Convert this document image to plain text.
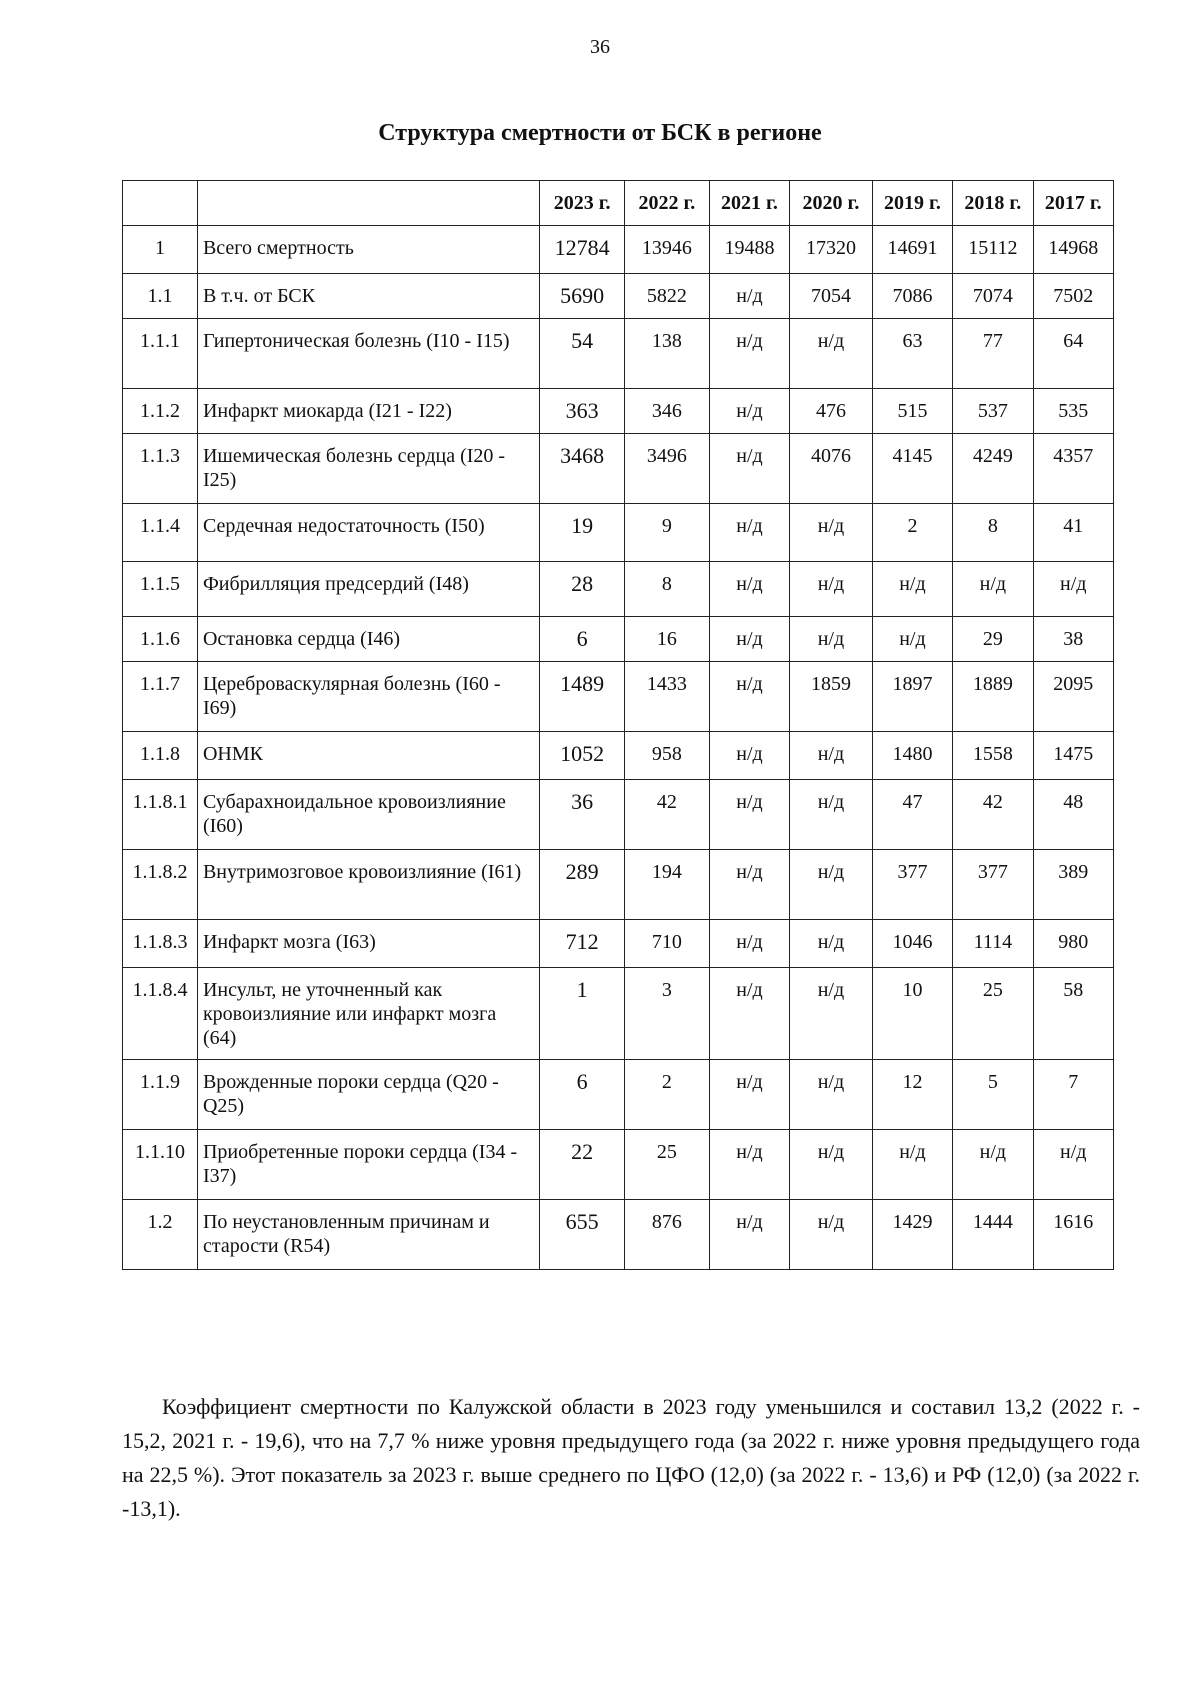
36
Структура смертности от БСК в регионе
		2023 г.	2022 г.	2021 г.	2020 г.	2019 г.	2018 г.	2017 г.
1	Всего смертность	12784	13946	19488	17320	14691	15112	14968
1.1	В т.ч. от БСК	5690	5822	н/д	7054	7086	7074	7502
1.1.1	Гипертоническая болезнь (I10 - I15)	54	138	н/д	н/д	63	77	64
1.1.2	Инфаркт миокарда (I21 - I22)	363	346	н/д	476	515	537	535
1.1.3	Ишемическая болезнь сердца (I20 - I25)	3468	3496	н/д	4076	4145	4249	4357
1.1.4	Сердечная недостаточность (I50)	19	9	н/д	н/д	2	8	41
1.1.5	Фибрилляция предсердий (I48)	28	8	н/д	н/д	н/д	н/д	н/д
1.1.6	Остановка сердца (I46)	6	16	н/д	н/д	н/д	29	38
1.1.7	Цереброваскулярная болезнь (I60 - I69)	1489	1433	н/д	1859	1897	1889	2095
1.1.8	ОНМК	1052	958	н/д	н/д	1480	1558	1475
1.1.8.1	Субарахноидальное кровоизлияние (I60)	36	42	н/д	н/д	47	42	48
1.1.8.2	Внутримозговое кровоизлияние (I61)	289	194	н/д	н/д	377	377	389
1.1.8.3	Инфаркт мозга (I63)	712	710	н/д	н/д	1046	1114	980
1.1.8.4	Инсульт, не уточненный как кровоизлияние или инфаркт мозга (64)	1	3	н/д	н/д	10	25	58
1.1.9	Врожденные пороки сердца (Q20 - Q25)	6	2	н/д	н/д	12	5	7
1.1.10	Приобретенные пороки сердца (I34 - I37)	22	25	н/д	н/д	н/д	н/д	н/д
1.2	По неустановленным причинам и старости (R54)	655	876	н/д	н/д	1429	1444	1616
Коэффициент смертности по Калужской области в 2023 году уменьшился и составил 13,2 (2022 г. - 15,2, 2021 г. - 19,6), что на 7,7 % ниже уровня предыдущего года (за 2022 г. ниже уровня предыдущего года на 22,5 %). Этот показатель за 2023 г. выше среднего по ЦФО (12,0) (за 2022 г. - 13,6) и РФ (12,0) (за 2022 г. -13,1).
